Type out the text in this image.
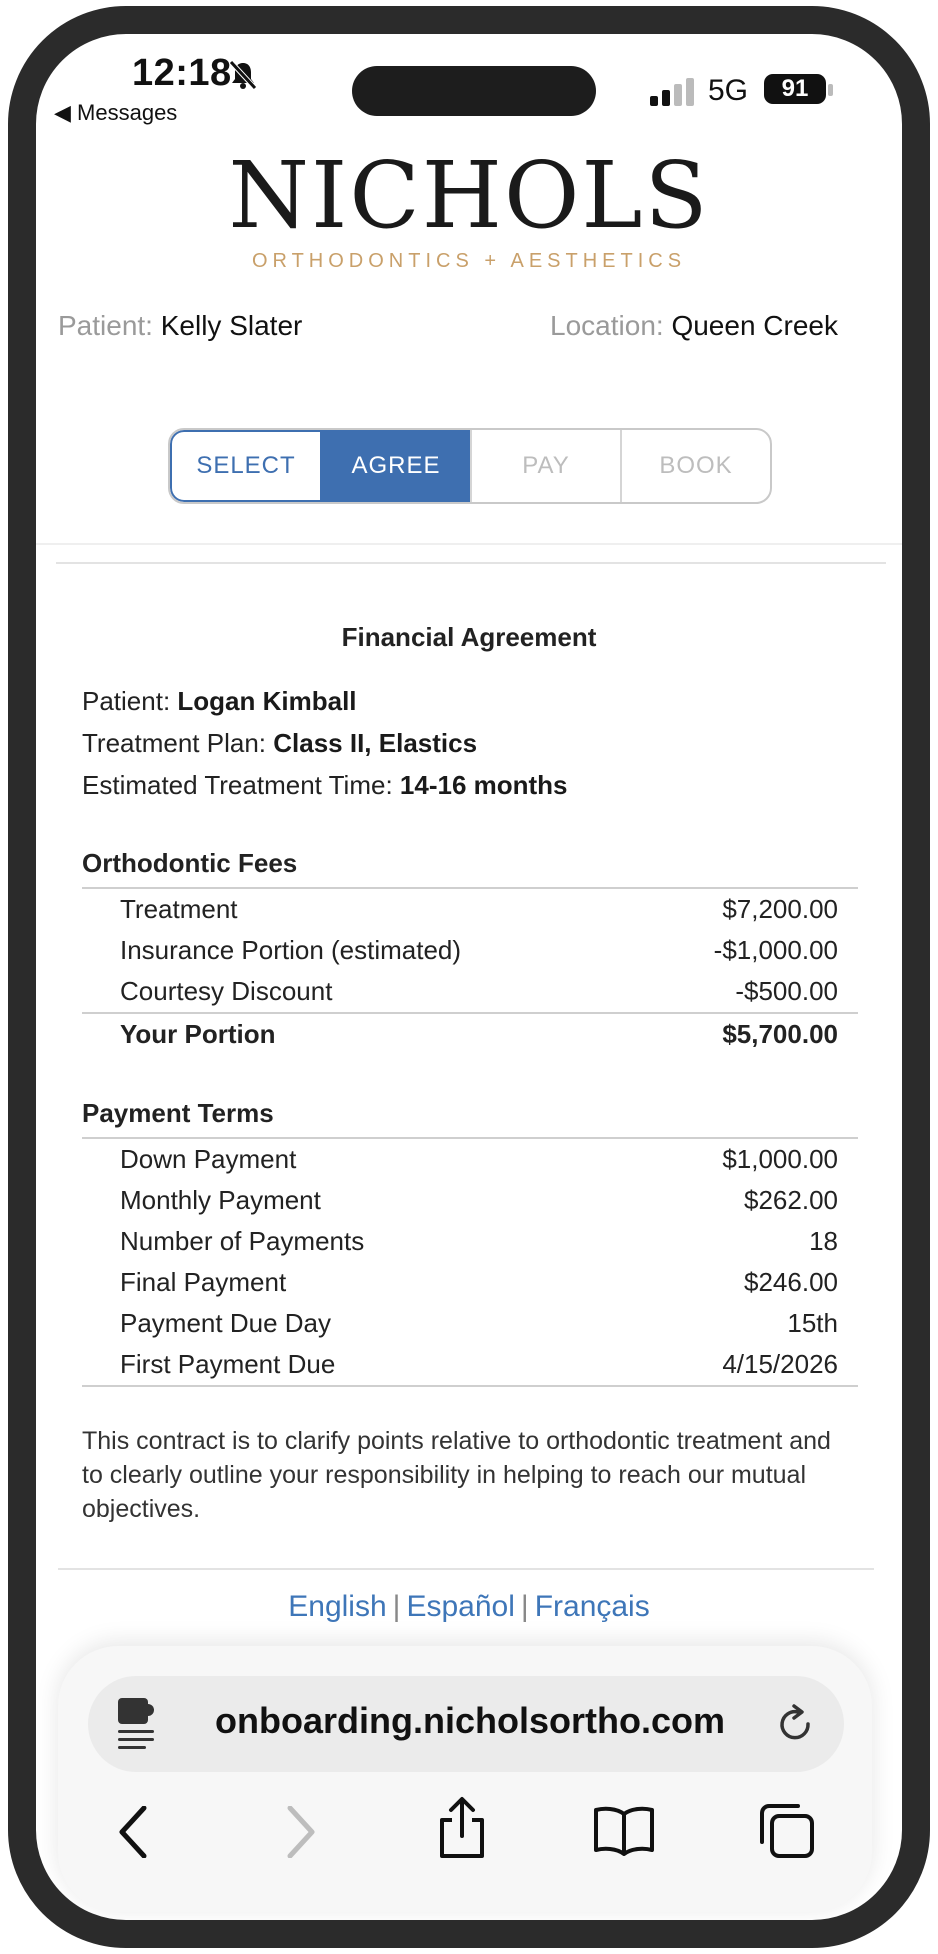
12:18
◀ Messages
5G	91
NICHOLS
ORTHODONTICS + AESTHETICS
Patient: Kelly Slater	Location: Queen Creek
SELECT	AGREE	PAY	BOOK
Financial Agreement
Patient: Logan Kimball
Treatment Plan: Class II, Elastics
Estimated Treatment Time: 14-16 months
Orthodontic Fees
Treatment	$7,200.00
Insurance Portion (estimated)	-$1,000.00
Courtesy Discount	-$500.00
Your Portion	$5,700.00
Payment Terms
Down Payment	$1,000.00
Monthly Payment	$262.00
Number of Payments	18
Final Payment	$246.00
Payment Due Day	15th
First Payment Due	4/15/2026
This contract is to clarify points relative to orthodontic treatment and to clearly outline your responsibility in helping to reach our mutual objectives.
English | Español | Français
onboarding.nicholsortho.com
